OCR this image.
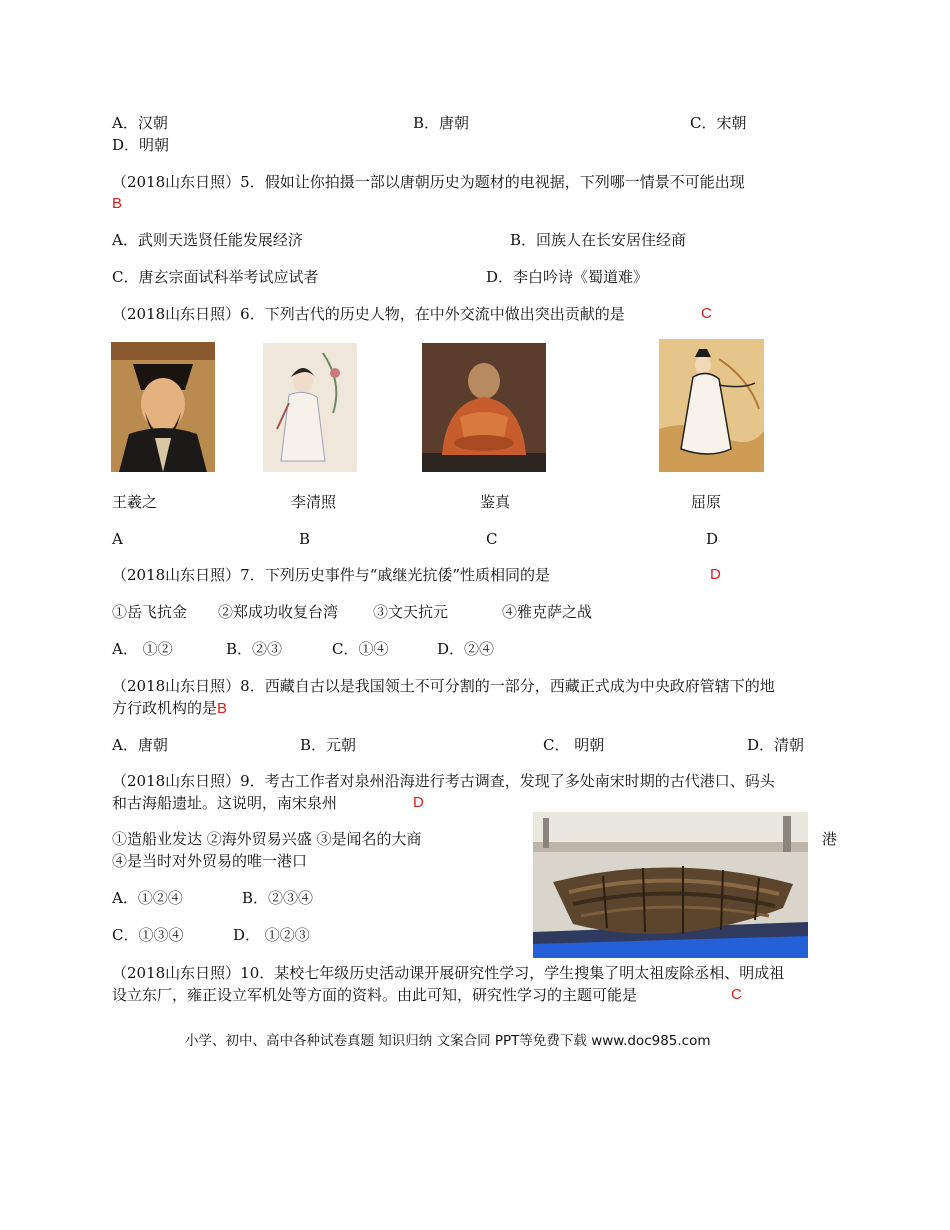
A．汉朝	B．唐朝	C．宋朝
D．明朝
（2018山东日照）5．假如让你拍摄一部以唐朝历史为题材的电视据，下列哪一情景不可能出现
B
A．武则天选贤任能发展经济	B．回族人在长安居住经商
C．唐玄宗面试科举考试应试者	D．李白吟诗《蜀道难》
（2018山东日照）6．下列古代的历史人物，在中外交流中做出突出贡献的是	C
王羲之	李清照	鉴真	屈原
A	B	C	D
（2018山东日照）7．下列历史事件与“戚继光抗倭”性质相同的是	D
①岳飞抗金 ②郑成功收复台湾 ③文天抗元	④雅克萨之战
A． ①②	B．②③	C．①④	D．②④
（2018山东日照）8．西藏自古以是我国领土不可分割的一部分，西藏正式成为中央政府管辖下的地
方行政机构的是B
A．唐朝	B．元朝	C． 明朝	D．清朝
（2018山东日照）9．考古工作者对泉州沿海进行考古调查，发现了多处南宋时期的古代港口、码头
和古海船遗址。这说明，南宋泉州	D
①造船业发达 ②海外贸易兴盛 ③是闻名的大商	港
④是当时对外贸易的唯一港口
A．①②④	B．②③④
C．①③④	D． ①②③
（2018山东日照）10．某校七年级历史活动课开展研究性学习，学生搜集了明太祖废除丞相、明成祖
设立东厂，雍正设立军机处等方面的资料。由此可知，研究性学习的主题可能是	C
小学、初中、高中各种试卷真题 知识归纳 文案合同 PPT等免费下载 www.doc985.com
